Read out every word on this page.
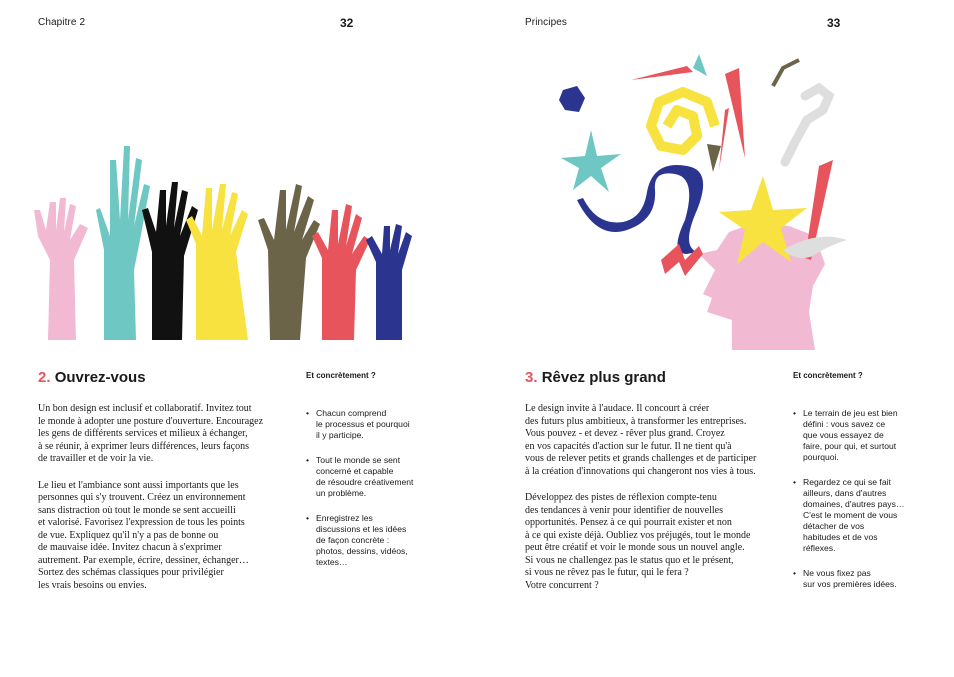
Chapitre 2	32
2. Ouvrez-vous	Et concrètement ?

Un bon design est inclusif et collaboratif. Invitez tout
le monde à adopter une posture d'ouverture. Encouragez
les gens de différents services et milieux à échanger,
à se réunir, à exprimer leurs différences, leurs façons
de travailler et de voir la vie.

Le lieu et l'ambiance sont aussi importants que les
personnes qui s'y trouvent. Créez un environnement
sans distraction où tout le monde se sent accueilli
et valorisé. Favorisez l'expression de tous les points
de vue. Expliquez qu'il n'y a pas de bonne ou
de mauvaise idée. Invitez chacun à s'exprimer
autrement. Par exemple, écrire, dessiner, échanger…
Sortez des schémas classiques pour privilégier
les vrais besoins ou envies.

• Chacun comprend
le processus et pourquoi
il y participe.
• Tout le monde se sent
concerné et capable
de résoudre créativement
un problème.
• Enregistrez les
discussions et les idées
de façon concrète :
photos, dessins, vidéos,
textes…
Principes	33
3. Rêvez plus grand	Et concrètement ?

Le design invite à l'audace. Il concourt à créer
des futurs plus ambitieux, à transformer les entreprises.
Vous pouvez - et devez - rêver plus grand. Croyez
en vos capacités d'action sur le futur. Il ne tient qu'à
vous de relever petits et grands challenges et de participer
à la création d'innovations qui changeront nos vies à tous.

Développez des pistes de réflexion compte-tenu
des tendances à venir pour identifier de nouvelles
opportunités. Pensez à ce qui pourrait exister et non
à ce qui existe déjà. Oubliez vos préjugés, tout le monde
peut être créatif et voir le monde sous un nouvel angle.
Si vous ne challengez pas le status quo et le présent,
si vous ne rêvez pas le futur, qui le fera ?
Votre concurrent ?

• Le terrain de jeu est bien
défini : vous savez ce
que vous essayez de
faire, pour qui, et surtout
pourquoi.
• Regardez ce qui se fait
ailleurs, dans d'autres
domaines, d'autres pays…
C'est le moment de vous
détacher de vos
habitudes et de vos
réflexes.
• Ne vous fixez pas
sur vos premières idées.
